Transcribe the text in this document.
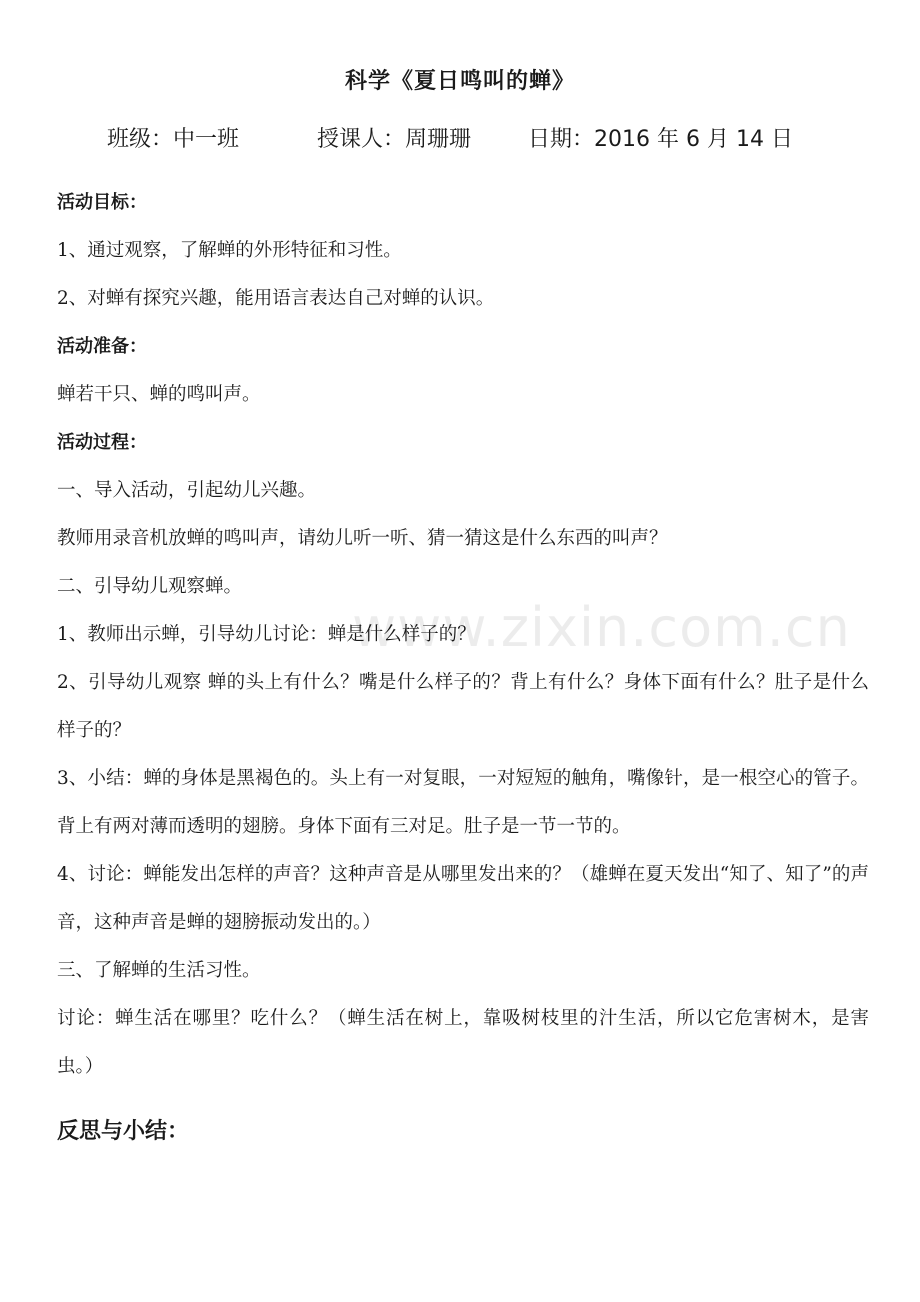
科学《夏日鸣叫的蝉》
班级：中一班	授课人：周珊珊	日期：2016 年 6 月 14 日
活动目标：
1、通过观察，了解蝉的外形特征和习性。
2、对蝉有探究兴趣，能用语言表达自己对蝉的认识。
活动准备：
蝉若干只、蝉的鸣叫声。
活动过程：
一、导入活动，引起幼儿兴趣。
教师用录音机放蝉的鸣叫声，请幼儿听一听、猜一猜这是什么东西的叫声？
二、引导幼儿观察蝉。
1、教师出示蝉，引导幼儿讨论：蝉是什么样子的？
2、引导幼儿观察 蝉的头上有什么？嘴是什么样子的？背上有什么？身体下面有什么？肚子是什么样子的？
3、小结：蝉的身体是黑褐色的。头上有一对复眼，一对短短的触角，嘴像针，是一根空心的管子。背上有两对薄而透明的翅膀。身体下面有三对足。肚子是一节一节的。
4、讨论：蝉能发出怎样的声音？这种声音是从哪里发出来的？（雄蝉在夏天发出“知了、知了”的声音，这种声音是蝉的翅膀振动发出的。）
三、了解蝉的生活习性。
讨论：蝉生活在哪里？吃什么？（蝉生活在树上，靠吸树枝里的汁生活，所以它危害树木，是害虫。）
反思与小结：
www.zixin.com.cn
